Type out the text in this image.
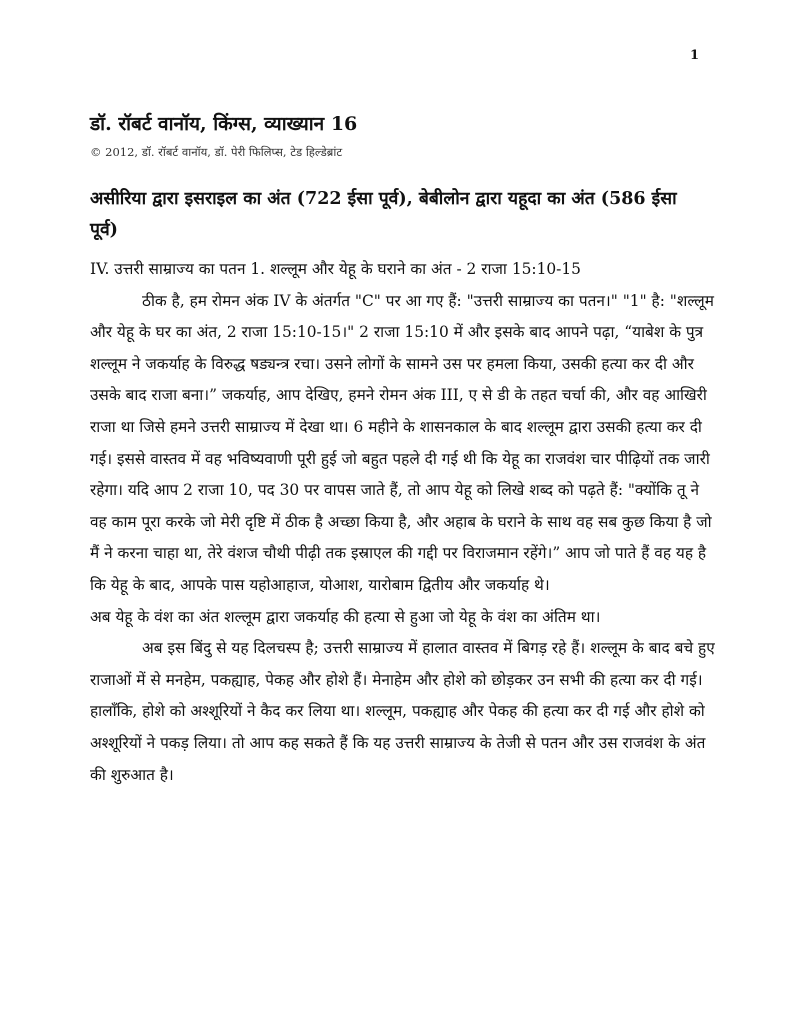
1
डॉ. रॉबर्ट वानॉय, किंग्स, व्याख्यान 16
© 2012, डॉ. रॉबर्ट वानॉय, डॉ. पेरी फिलिप्स, टेड हिल्डेब्रांट
असीरिया द्वारा इसराइल का अंत (722 ईसा पूर्व), बेबीलोन द्वारा यहूदा का अंत (586 ईसा पूर्व)

IV. उत्तरी साम्राज्य का पतन 1. शल्लूम और येहू के घराने का अंत - 2 राजा 15:10-15

ठीक है, हम रोमन अंक IV के अंतर्गत "C" पर आ गए हैं: "उत्तरी साम्राज्य का पतन।" "1" है: "शल्लूम और येहू के घर का अंत, 2 राजा 15:10-15।" 2 राजा 15:10 में और इसके बाद आपने पढ़ा, “याबेश के पुत्र शल्लूम ने जकर्याह के विरुद्ध षड्यन्त्र रचा। उसने लोगों के सामने उस पर हमला किया, उसकी हत्या कर दी और उसके बाद राजा बना।” जकर्याह, आप देखिए, हमने रोमन अंक III, ए से डी के तहत चर्चा की, और वह आखिरी राजा था जिसे हमने उत्तरी साम्राज्य में देखा था। 6 महीने के शासनकाल के बाद शल्लूम द्वारा उसकी हत्या कर दी गई। इससे वास्तव में वह भविष्यवाणी पूरी हुई जो बहुत पहले दी गई थी कि येहू का राजवंश चार पीढ़ियों तक जारी रहेगा। यदि आप 2 राजा 10, पद 30 पर वापस जाते हैं, तो आप येहू को लिखे शब्द को पढ़ते हैं: "क्योंकि तू ने वह काम पूरा करके जो मेरी दृष्टि में ठीक है अच्छा किया है, और अहाब के घराने के साथ वह सब कुछ किया है जो मैं ने करना चाहा था, तेरे वंशज चौथी पीढ़ी तक इस्राएल की गद्दी पर विराजमान रहेंगे।” आप जो पाते हैं वह यह है कि येहू के बाद, आपके पास यहोआहाज, योआश, यारोबाम द्वितीय और जकर्याह थे।

अब येहू के वंश का अंत शल्लूम द्वारा जकर्याह की हत्या से हुआ जो येहू के वंश का अंतिम था।

अब इस बिंदु से यह दिलचस्प है; उत्तरी साम्राज्य में हालात वास्तव में बिगड़ रहे हैं। शल्लूम के बाद बचे हुए राजाओं में से मनहेम, पकह्याह, पेकह और होशे हैं। मेनाहेम और होशे को छोड़कर उन सभी की हत्या कर दी गई। हालाँकि, होशे को अश्शूरियों ने कैद कर लिया था। शल्लूम, पकह्याह और पेकह की हत्या कर दी गई और होशे को अश्शूरियों ने पकड़ लिया। तो आप कह सकते हैं कि यह उत्तरी साम्राज्य के तेजी से पतन और उस राजवंश के अंत की शुरुआत है।
